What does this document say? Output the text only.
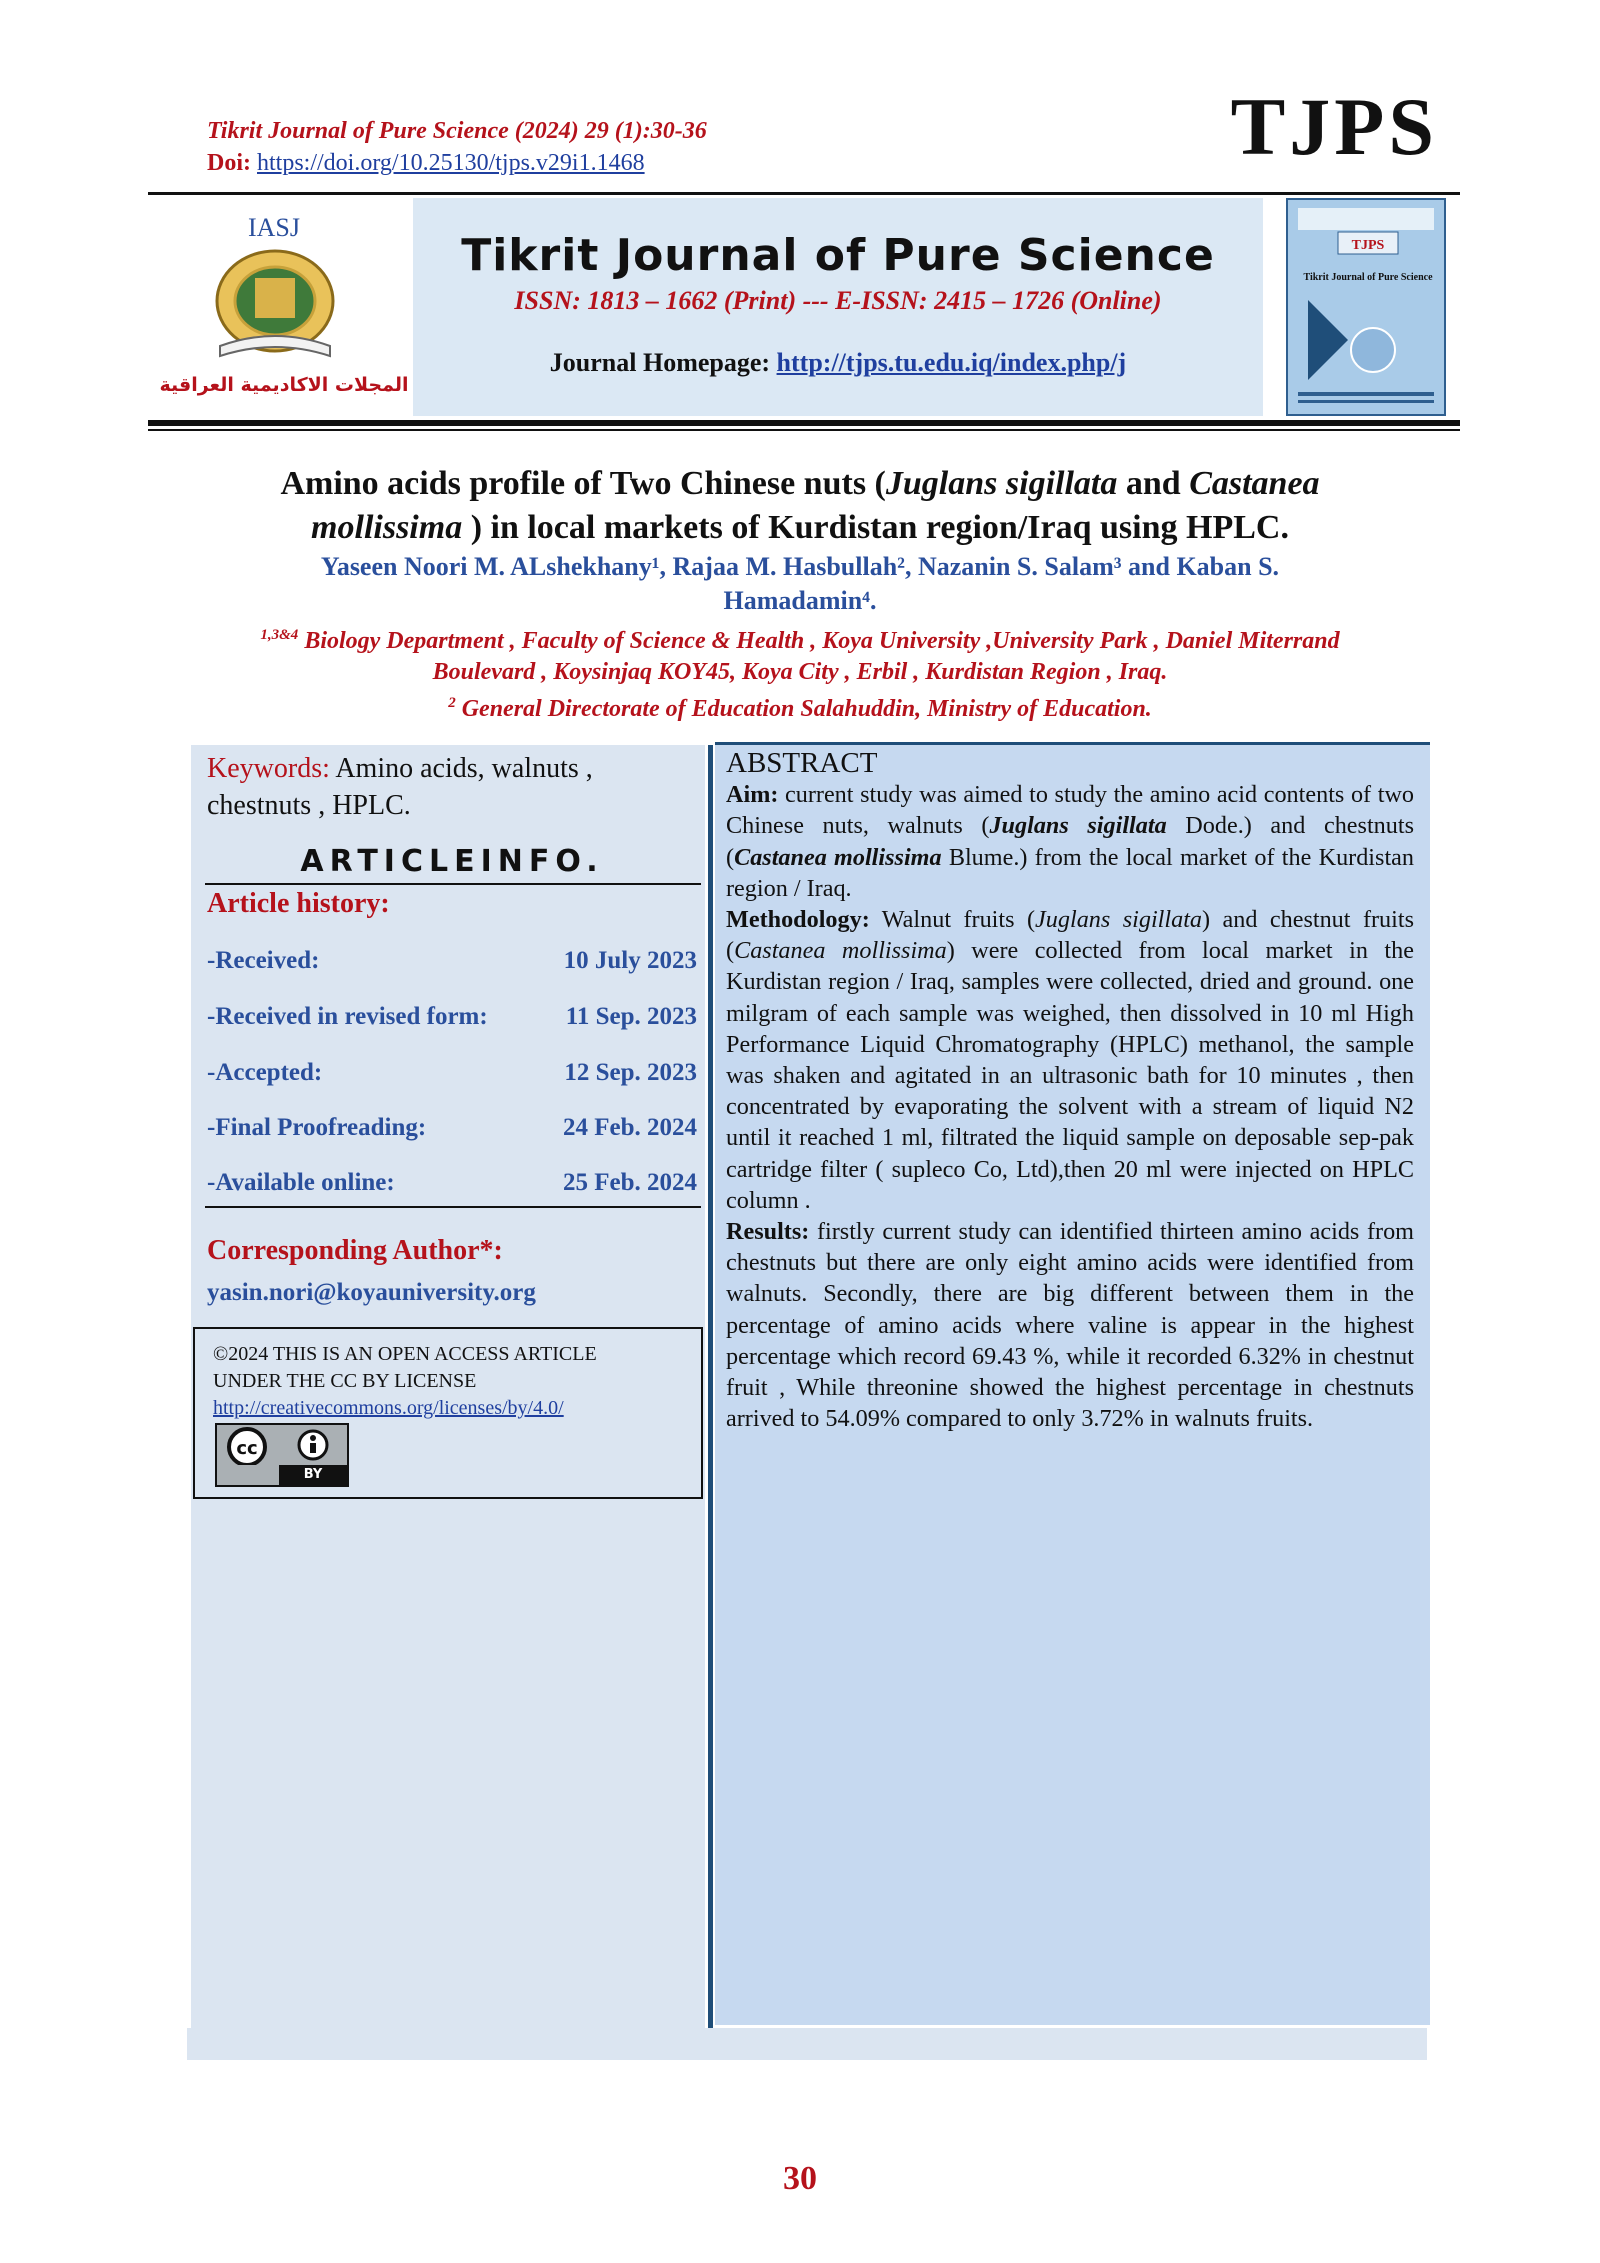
Tikrit Journal of Pure Science (2024) 29 (1):30-36
Doi: https://doi.org/10.25130/tjps.v29i1.1468	TJPS
IASJ
المجلات الاكاديمية العراقية
Tikrit Journal of Pure Science
ISSN: 1813 – 1662 (Print) --- E-ISSN: 2415 – 1726 (Online)
Journal Homepage: http://tjps.tu.edu.iq/index.php/j
TJPS
Tikrit Journal of Pure Science
Amino acids profile of Two Chinese nuts (Juglans sigillata and Castanea
mollissima ) in local markets of Kurdistan region/Iraq using HPLC.
Yaseen Noori M. ALshekhany¹, Rajaa M. Hasbullah², Nazanin S. Salam³ and Kaban S.
Hamadamin⁴.
$^{1,3\&4}$ Biology Department , Faculty of Science & Health , Koya University ,University Park , Daniel Miterrand
Boulevard , Koysinjaq KOY45, Koya City , Erbil , Kurdistan Region , Iraq.
$^2$ General Directorate of Education Salahuddin, Ministry of Education.
Keywords: Amino acids, walnuts , chestnuts , HPLC.
ARTICLEINFO.
Article history:
-Received:	10 July 2023
-Received in revised form:	11 Sep. 2023
-Accepted:	12 Sep. 2023
-Final Proofreading:	24 Feb. 2024
-Available online:	25 Feb. 2024
Corresponding Author*:
yasin.nori@koyauniversity.org
©2024 THIS IS AN OPEN ACCESS ARTICLE
UNDER THE CC BY LICENSE
http://creativecommons.org/licenses/by/4.0/
cc
BY
ABSTRACT
Aim: current study was aimed to study the amino acid contents of two Chinese nuts, walnuts (Juglans sigillata Dode.) and chestnuts (Castanea mollissima Blume.) from the local market of the Kurdistan region / Iraq.
Methodology: Walnut fruits (Juglans sigillata) and chestnut fruits (Castanea mollissima) were collected from local market in the Kurdistan region / Iraq, samples were collected, dried and ground. one milgram of each sample was weighed, then dissolved in 10 ml High Performance Liquid Chromatography (HPLC) methanol, the sample was shaken and agitated in an ultrasonic bath for 10 minutes , then concentrated by evaporating the solvent with a stream of liquid N2 until it reached 1 ml, filtrated the liquid sample on deposable sep-pak cartridge filter ( supleco Co, Ltd),then 20 ml were injected on HPLC column .
Results: firstly current study can identified thirteen amino acids from chestnuts but there are only eight amino acids were identified from walnuts. Secondly, there are big different between them in the percentage of amino acids where valine is appear in the highest percentage which record 69.43 %, while it recorded 6.32% in chestnut fruit , While threonine showed the highest percentage in chestnuts arrived to 54.09% compared to only 3.72% in walnuts fruits.
30
